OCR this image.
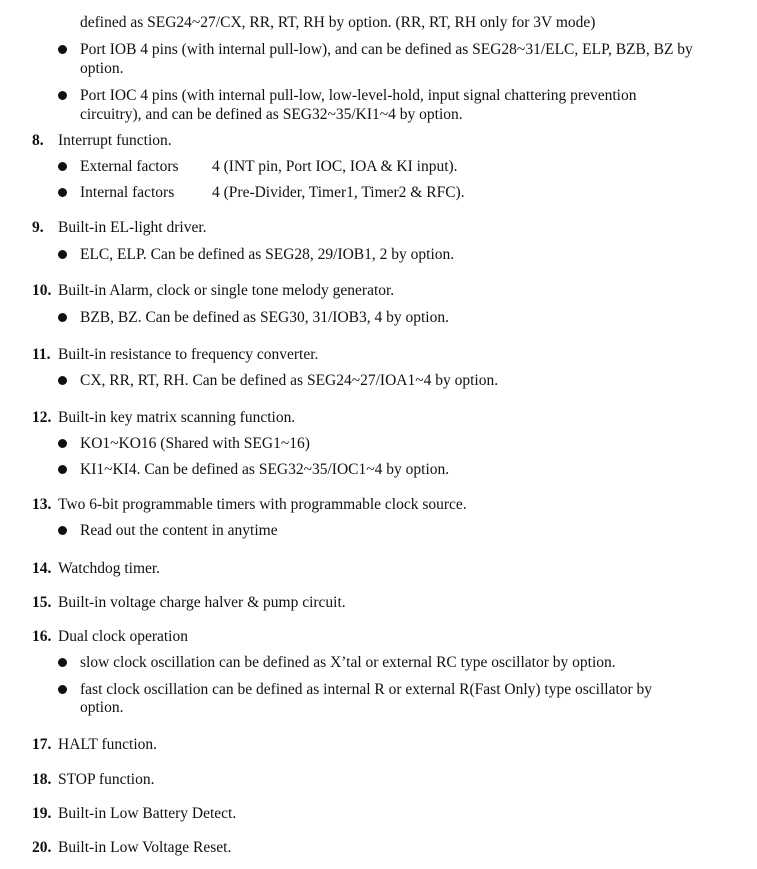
defined as SEG24~27/CX, RR, RT, RH by option. (RR, RT, RH only for 3V mode)
Port IOB 4 pins (with internal pull-low), and can be defined as SEG28~31/ELC, ELP, BZB, BZ by
option.
Port IOC 4 pins (with internal pull-low, low-level-hold, input signal chattering prevention
circuitry), and can be defined as SEG32~35/KI1~4 by option.
8. Interrupt function.
External factors 4 (INT pin, Port IOC, IOA & KI input).
Internal factors 4 (Pre-Divider, Timer1, Timer2 & RFC).
9. Built-in EL-light driver.
ELC, ELP. Can be defined as SEG28, 29/IOB1, 2 by option.
10. Built-in Alarm, clock or single tone melody generator.
BZB, BZ. Can be defined as SEG30, 31/IOB3, 4 by option.
11. Built-in resistance to frequency converter.
CX, RR, RT, RH. Can be defined as SEG24~27/IOA1~4 by option.
12. Built-in key matrix scanning function.
KO1~KO16 (Shared with SEG1~16)
KI1~KI4. Can be defined as SEG32~35/IOC1~4 by option.
13. Two 6-bit programmable timers with programmable clock source.
Read out the content in anytime
14. Watchdog timer.
15. Built-in voltage charge halver & pump circuit.
16. Dual clock operation
slow clock oscillation can be defined as X’tal or external RC type oscillator by option.
fast clock oscillation can be defined as internal R or external R(Fast Only) type oscillator by
option.
17. HALT function.
18. STOP function.
19. Built-in Low Battery Detect.
20. Built-in Low Voltage Reset.
